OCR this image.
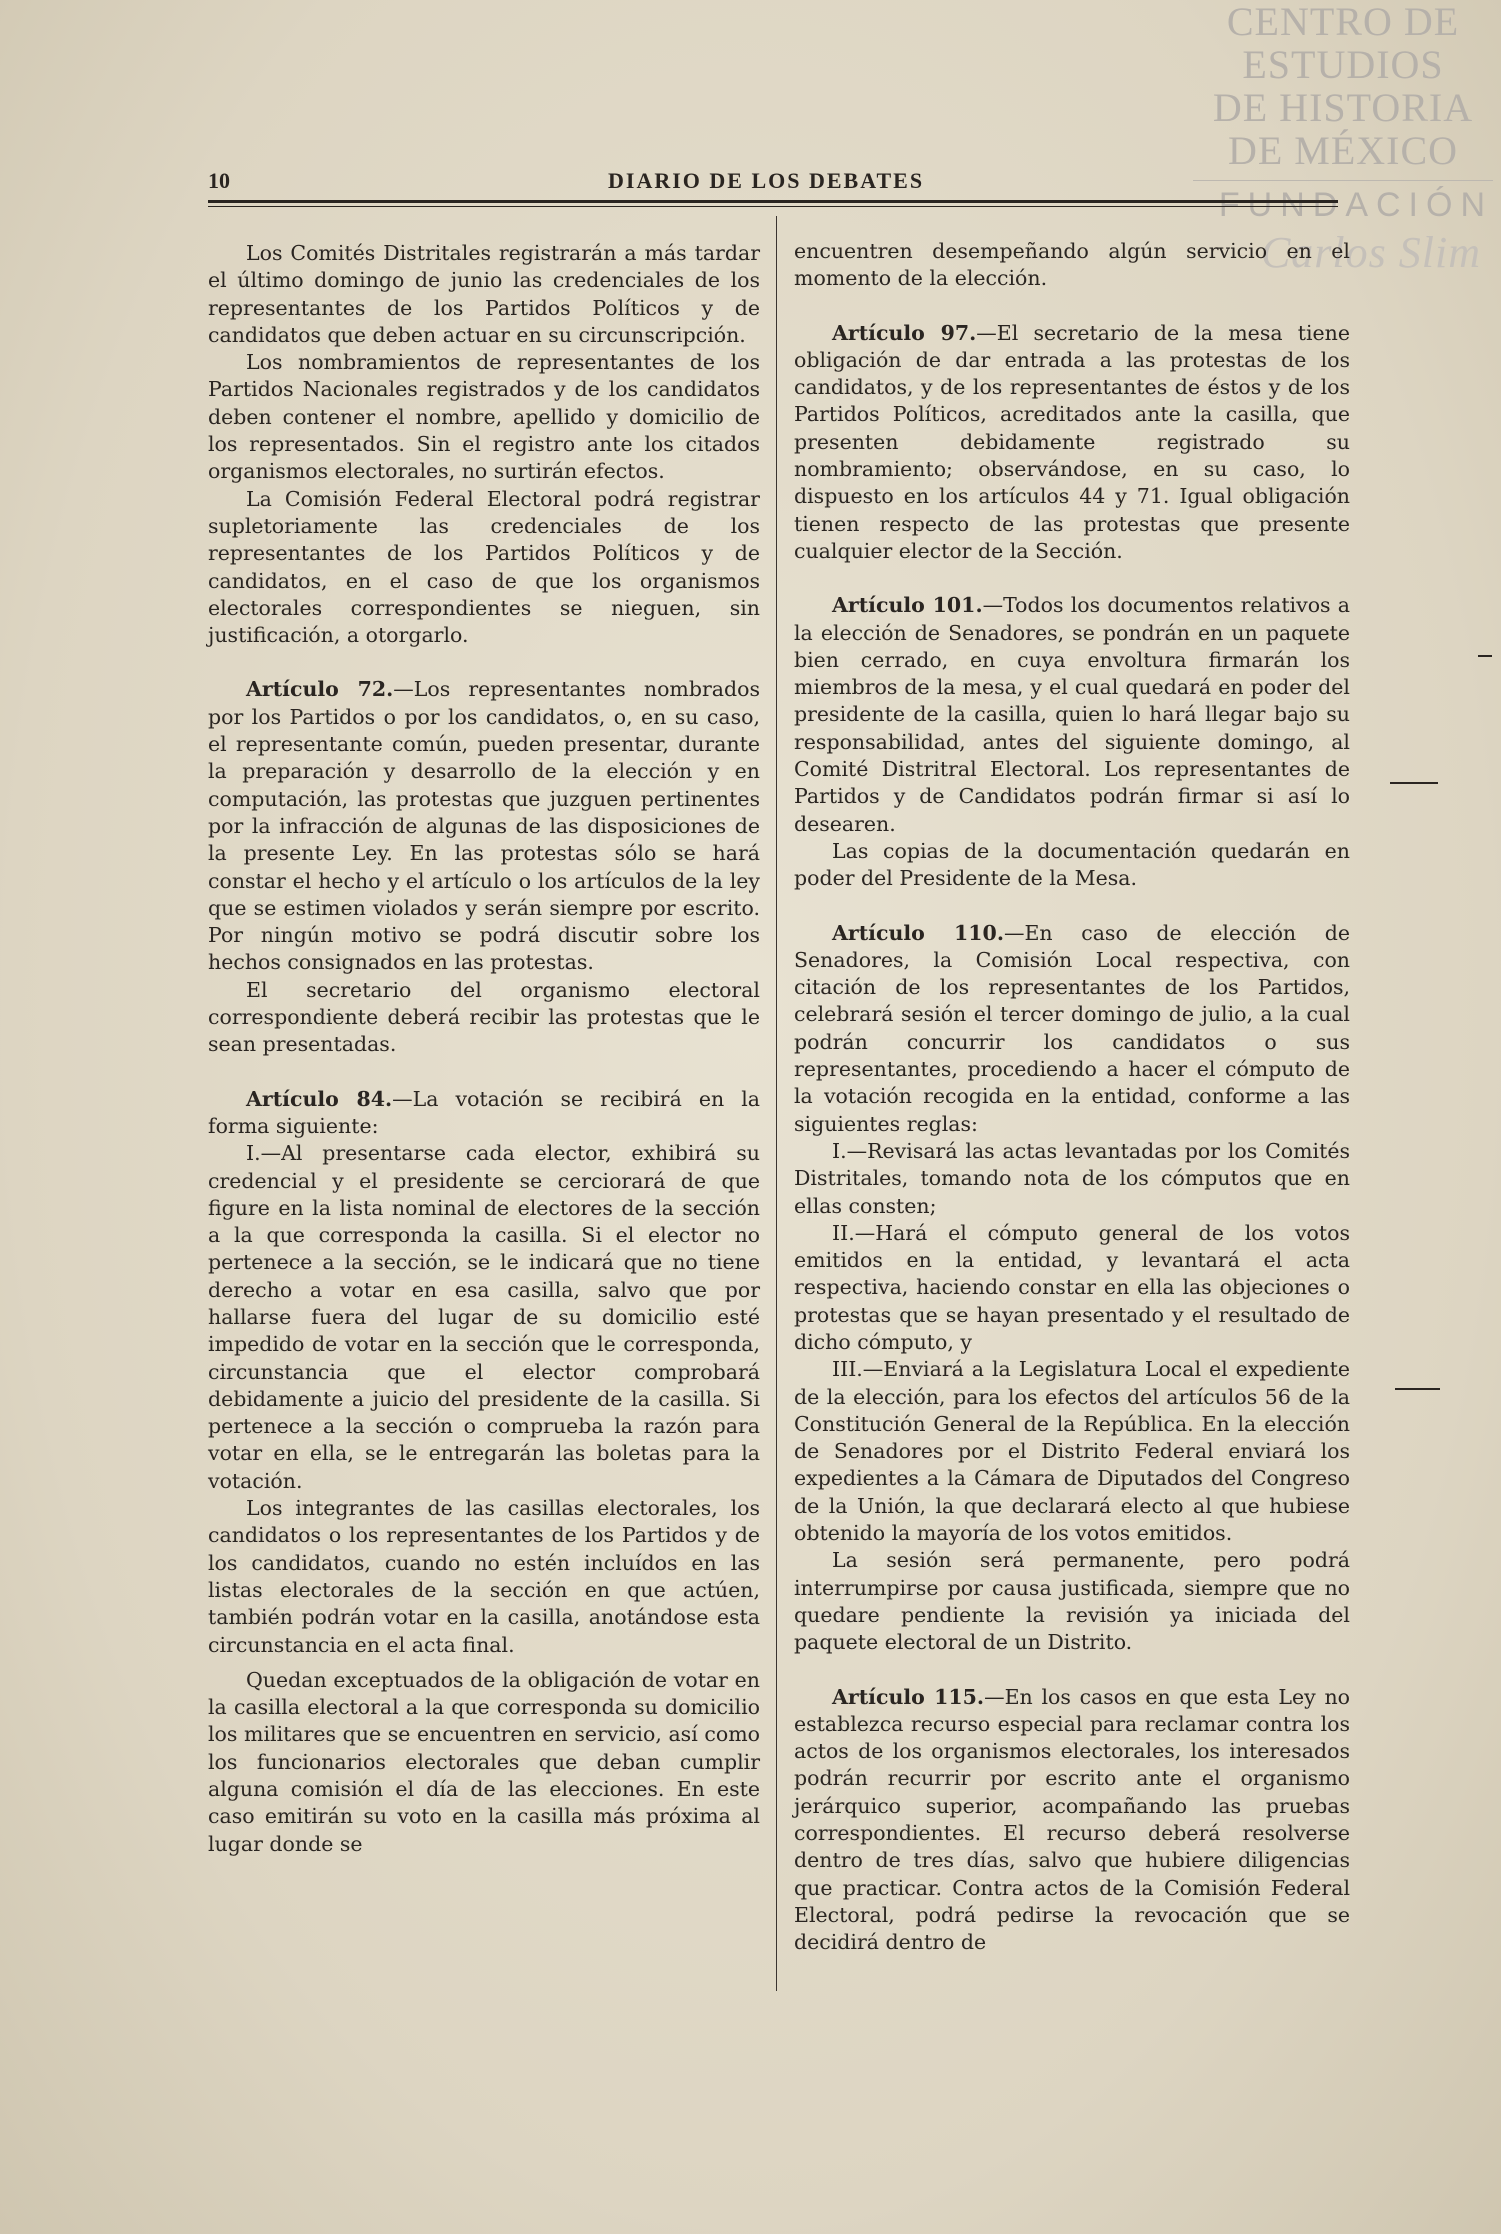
CENTRO DE
ESTUDIOS
DE HISTORIA
DE MÉXICO
FUNDACIÓN
Carlos Slim
10	DIARIO DE LOS DEBATES

Los Comités Distritales registrarán a más tardar el último domingo de junio las credenciales de los representantes de los Partidos Políticos y de candidatos que deben actuar en su circunscripción.

Los nombramientos de representantes de los Partidos Nacionales registrados y de los candidatos deben contener el nombre, apellido y domicilio de los representados. Sin el registro ante los citados organismos electorales, no surtirán efectos.

La Comisión Federal Electoral podrá registrar supletoriamente las credenciales de los representantes de los Partidos Políticos y de candidatos, en el caso de que los organismos electorales correspondientes se nieguen, sin justificación, a otorgarlo.

Artículo 72.—Los representantes nombrados por los Partidos o por los candidatos, o, en su caso, el representante común, pueden presentar, durante la preparación y desarrollo de la elección y en computación, las protestas que juzguen pertinentes por la infracción de algunas de las disposiciones de la presente Ley. En las protestas sólo se hará constar el hecho y el artículo o los artículos de la ley que se estimen violados y serán siempre por escrito. Por ningún motivo se podrá discutir sobre los hechos consignados en las protestas.

El secretario del organismo electoral correspondiente deberá recibir las protestas que le sean presentadas.

Artículo 84.—La votación se recibirá en la forma siguiente:

I.—Al presentarse cada elector, exhibirá su credencial y el presidente se cerciorará de que figure en la lista nominal de electores de la sección a la que corresponda la casilla. Si el elector no pertenece a la sección, se le indicará que no tiene derecho a votar en esa casilla, salvo que por hallarse fuera del lugar de su domicilio esté impedido de votar en la sección que le corresponda, circunstancia que el elector comprobará debidamente a juicio del presidente de la casilla. Si pertenece a la sección o comprueba la razón para votar en ella, se le entregarán las boletas para la votación.

Los integrantes de las casillas electorales, los candidatos o los representantes de los Partidos y de los candidatos, cuando no estén incluídos en las listas electorales de la sección en que actúen, también podrán votar en la casilla, anotándose esta circunstancia en el acta final.

Quedan exceptuados de la obligación de votar en la casilla electoral a la que corresponda su domicilio los militares que se encuentren en servicio, así como los funcionarios electorales que deban cumplir alguna comisión el día de las elecciones. En este caso emitirán su voto en la casilla más próxima al lugar donde se

encuentren desempeñando algún servicio en el momento de la elección.

Artículo 97.—El secretario de la mesa tiene obligación de dar entrada a las protestas de los candidatos, y de los representantes de éstos y de los Partidos Políticos, acreditados ante la casilla, que presenten debidamente registrado su nombramiento; observándose, en su caso, lo dispuesto en los artículos 44 y 71. Igual obligación tienen respecto de las protestas que presente cualquier elector de la Sección.

Artículo 101.—Todos los documentos relativos a la elección de Senadores, se pondrán en un paquete bien cerrado, en cuya envoltura firmarán los miembros de la mesa, y el cual quedará en poder del presidente de la casilla, quien lo hará llegar bajo su responsabilidad, antes del siguiente domingo, al Comité Distritral Electoral. Los representantes de Partidos y de Candidatos podrán firmar si así lo desearen.

Las copias de la documentación quedarán en poder del Presidente de la Mesa.

Artículo 110.—En caso de elección de Senadores, la Comisión Local respectiva, con citación de los representantes de los Partidos, celebrará sesión el tercer domingo de julio, a la cual podrán concurrir los candidatos o sus representantes, procediendo a hacer el cómputo de la votación recogida en la entidad, conforme a las siguientes reglas:

I.—Revisará las actas levantadas por los Comités Distritales, tomando nota de los cómputos que en ellas consten;

II.—Hará el cómputo general de los votos emitidos en la entidad, y levantará el acta respectiva, haciendo constar en ella las objeciones o protestas que se hayan presentado y el resultado de dicho cómputo, y

III.—Enviará a la Legislatura Local el expediente de la elección, para los efectos del artículos 56 de la Constitución General de la República. En la elección de Senadores por el Distrito Federal enviará los expedientes a la Cámara de Diputados del Congreso de la Unión, la que declarará electo al que hubiese obtenido la mayoría de los votos emitidos.

La sesión será permanente, pero podrá interrumpirse por causa justificada, siempre que no quedare pendiente la revisión ya iniciada del paquete electoral de un Distrito.

Artículo 115.—En los casos en que esta Ley no establezca recurso especial para reclamar contra los actos de los organismos electorales, los interesados podrán recurrir por escrito ante el organismo jerárquico superior, acompañando las pruebas correspondientes. El recurso deberá resolverse dentro de tres días, salvo que hubiere diligencias que practicar. Contra actos de la Comisión Federal Electoral, podrá pedirse la revocación que se decidirá dentro de
